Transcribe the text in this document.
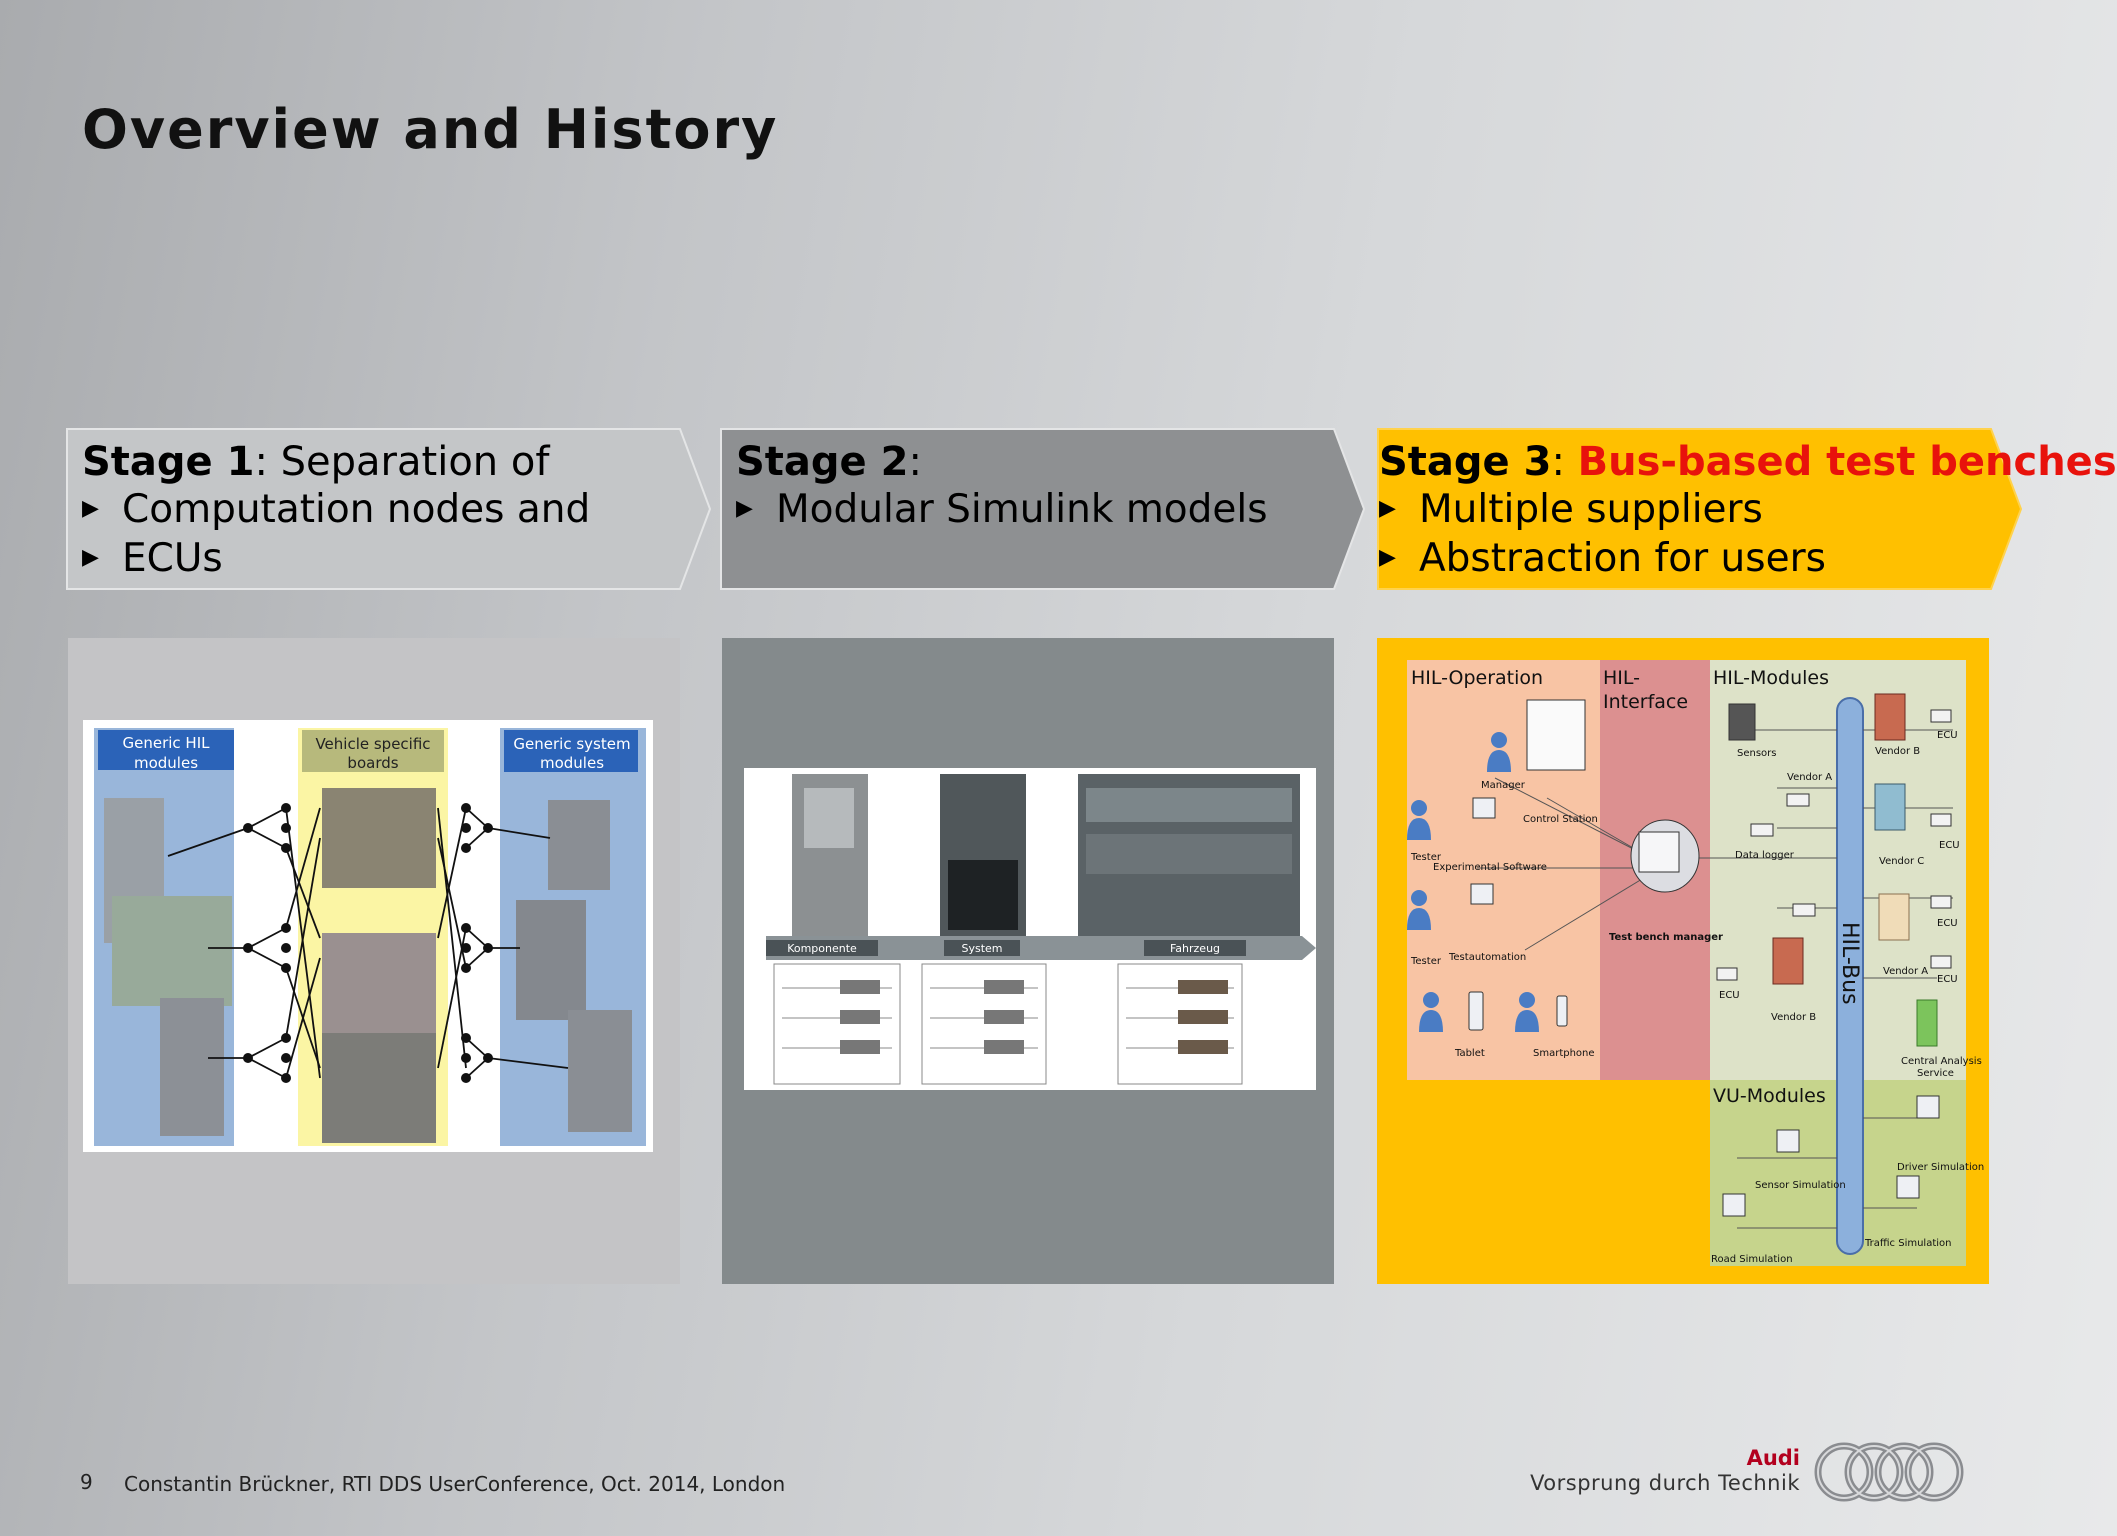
Overview and History
Stage 1: Separation of
▶ Computation nodes and
▶ ECUs
Stage 2:
▶ Modular Simulink models
Stage 3: Bus-based test benches
▶ Multiple suppliers
▶ Abstraction for users
Generic HIL
modules
Vehicle specific
boards
Generic system
modules
Komponente	System	Fahrzeug
HIL-Operation	HIL-
Interface
HIL-Modules
VU-Modules
HIL-Bus
Manager
Control Station
Tester
Experimental Software
Tester Testautomation
Test bench manager
Tablet	Smartphone
Sensors
Vendor A
Vendor B
ECU
Data logger
Vendor C
ECU
ECU
Vendor A
ECU
ECU
Vendor B
Central Analysis
Service
Driver Simulation
Sensor Simulation
Traffic Simulation
Road Simulation
9 Constantin Brückner, RTI DDS UserConference, Oct. 2014, London
Audi
Vorsprung durch Technik
